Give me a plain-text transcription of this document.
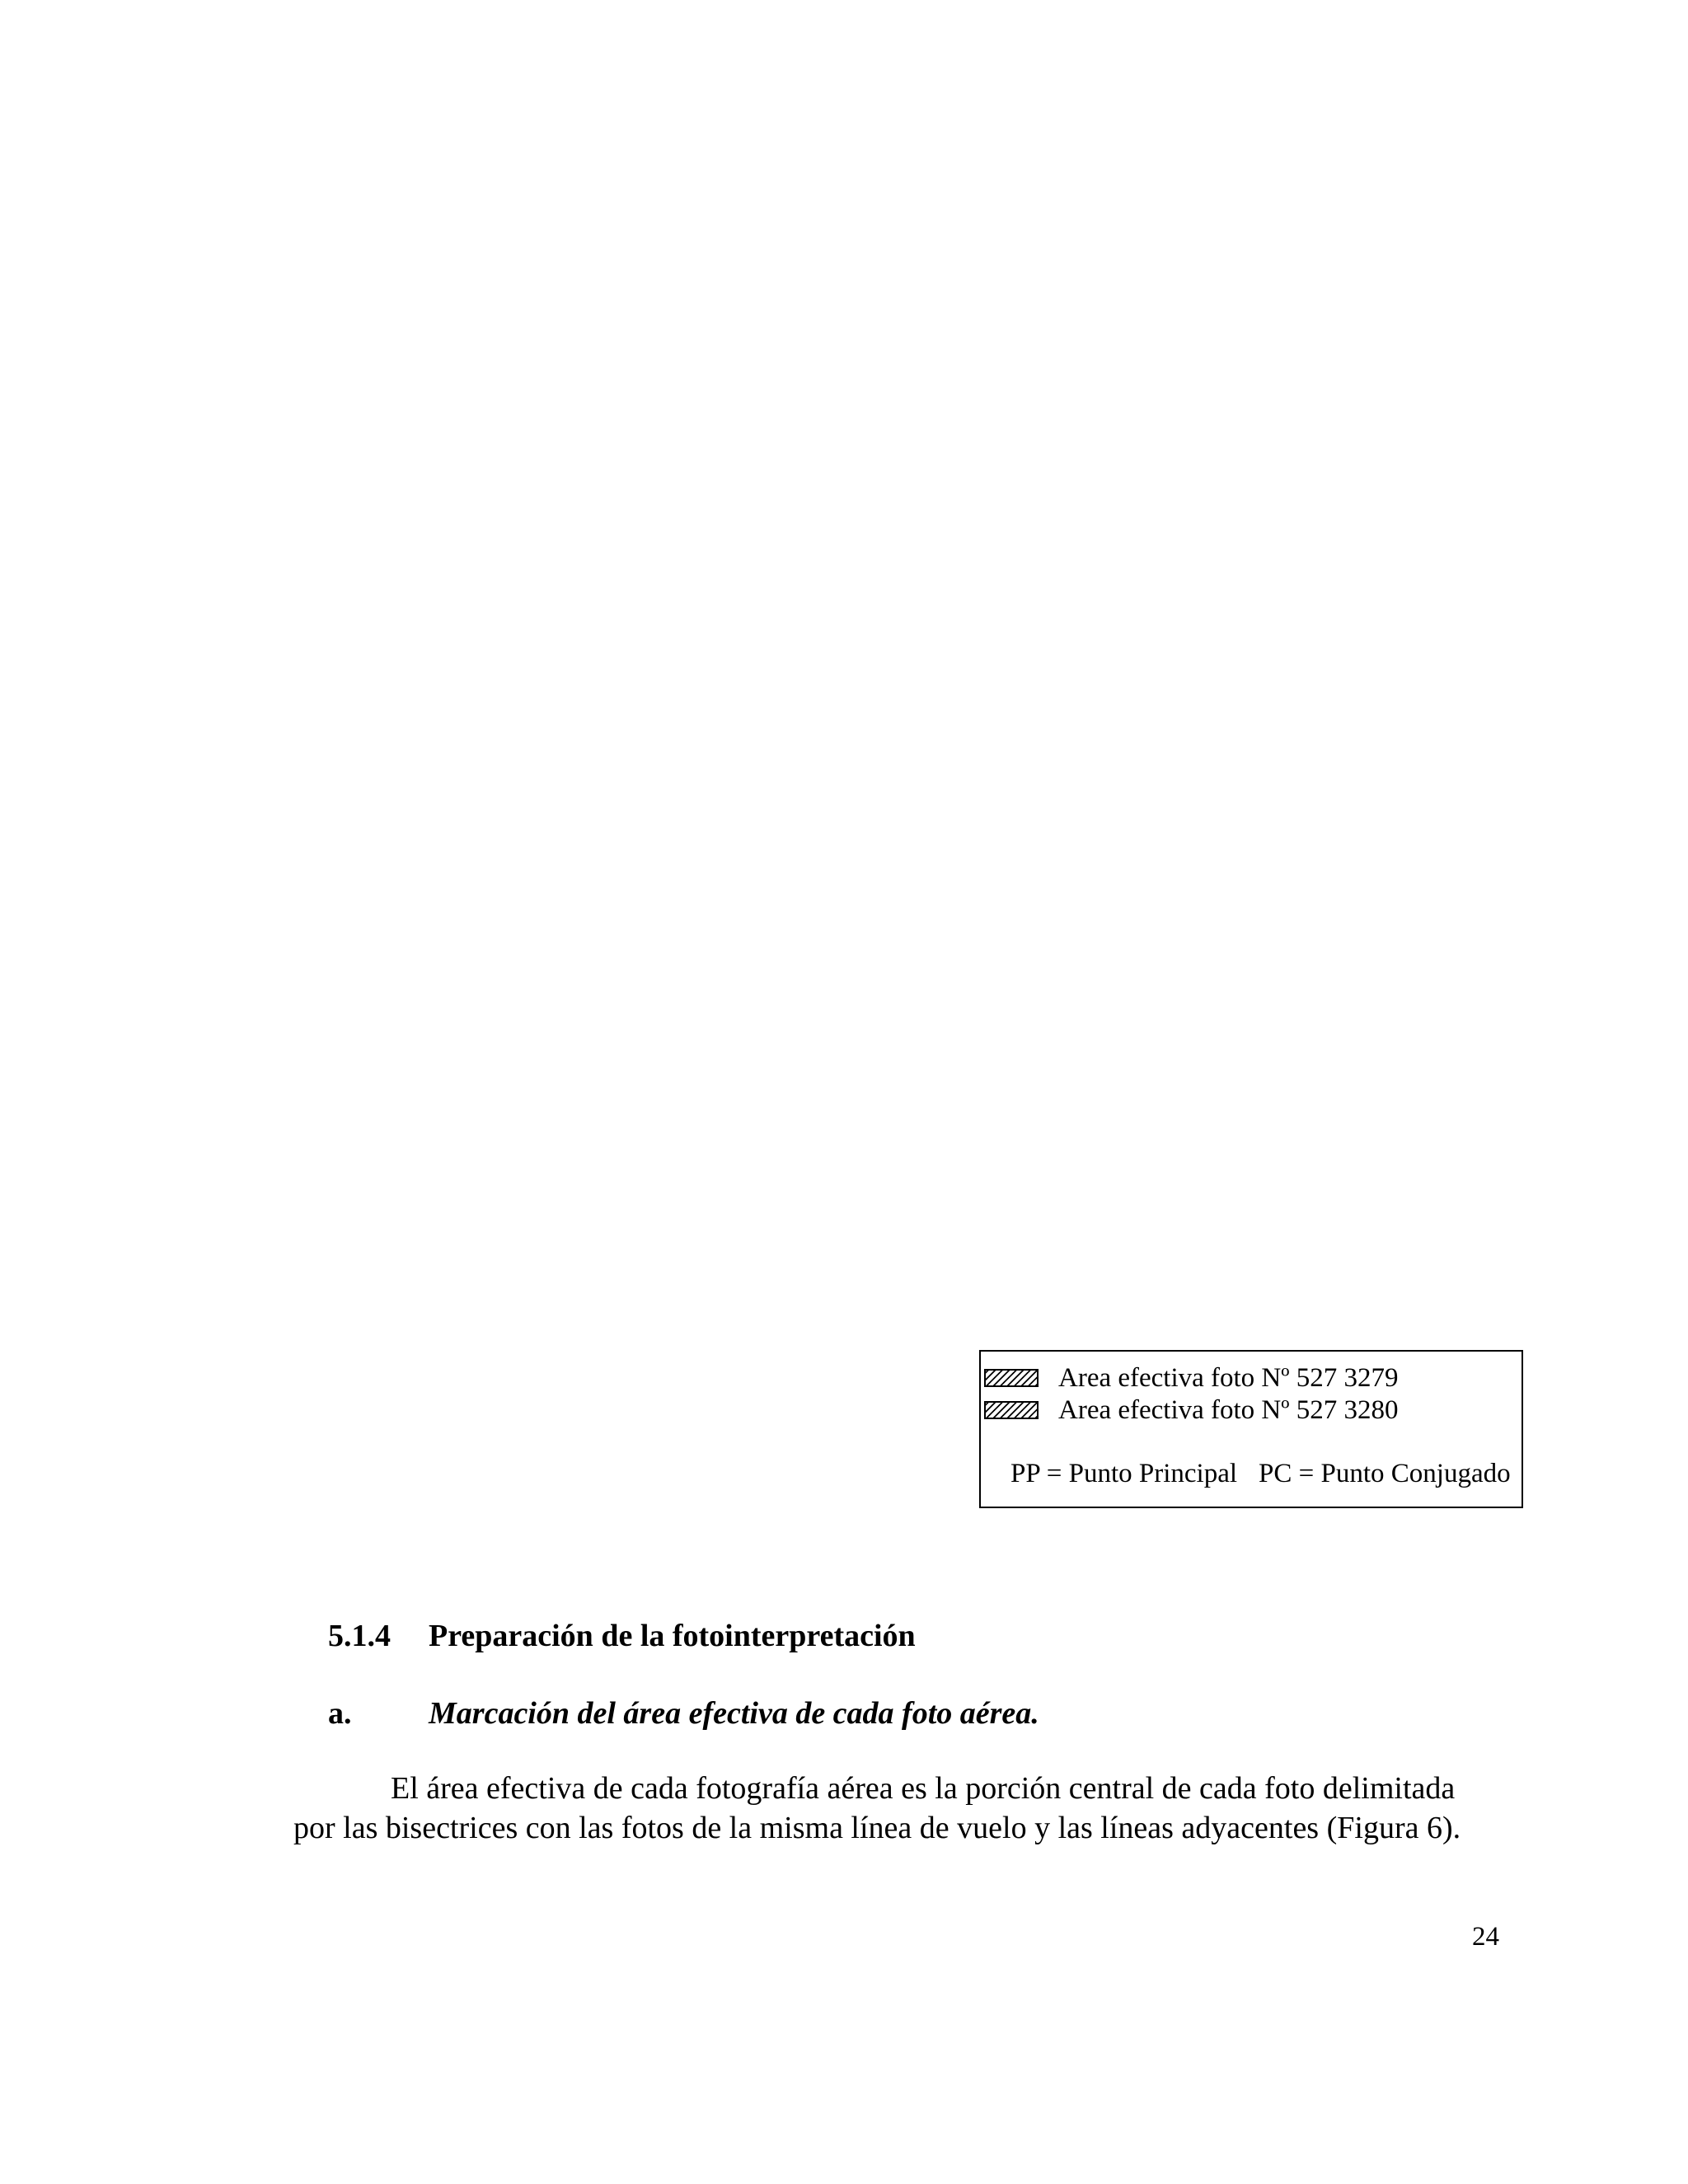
Area efectiva foto Nº 527 3279
Area efectiva foto Nº 527 3280
PP = Punto Principal PC = Punto Conjugado
5.1.4 Preparación de la fotointerpretación
a. Marcación del área efectiva de cada foto aérea.
El área efectiva de cada fotografía aérea es la porción central de cada foto delimitada
por las bisectrices con las fotos de la misma línea de vuelo y las líneas adyacentes (Figura 6).
24
